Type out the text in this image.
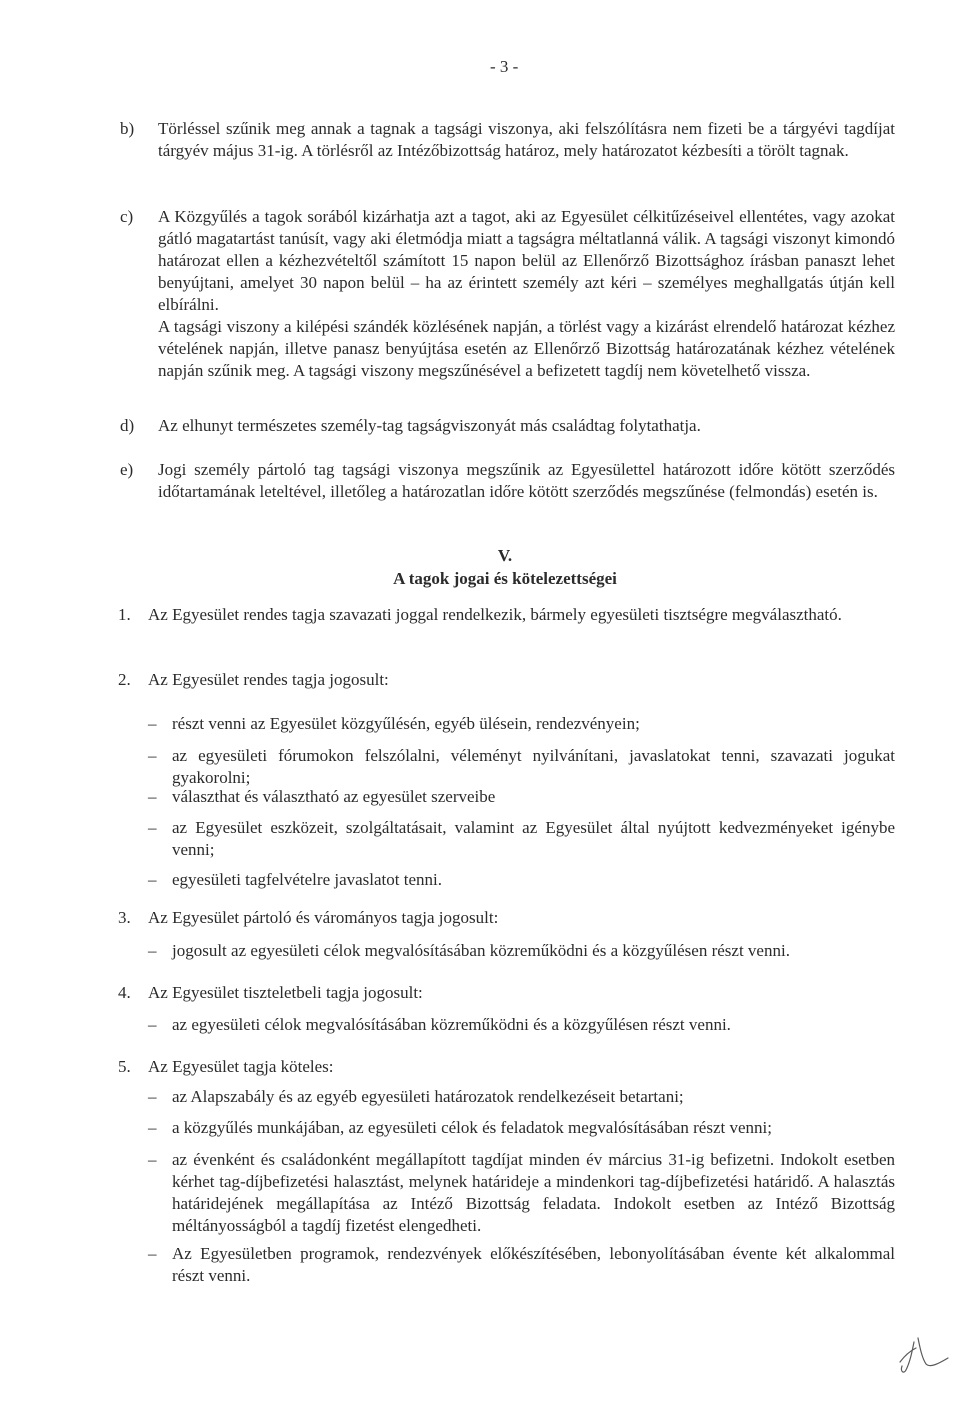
- 3 -
b)	Törléssel szűnik meg annak a tagnak a tagsági viszonya, aki felszólításra nem fizeti be a tárgyévi tagdíjat tárgyév május 31-ig. A törlésről az Intézőbizottság határoz, mely határozatot kézbesíti a törölt tagnak.

c)	A Közgyűlés a tagok sorából kizárhatja azt a tagot, aki az Egyesület célkitűzéseivel ellentétes, vagy azokat gátló magatartást tanúsít, vagy aki életmódja miatt a tagságra méltatlanná válik. A tagsági viszonyt kimondó határozat ellen a kézhezvételtől számított 15 napon belül az Ellenőrző Bizottsághoz írásban panaszt lehet benyújtani, amelyet 30 napon belül – ha az érintett személy azt kéri – személyes meghallgatás útján kell elbírálni.

A tagsági viszony a kilépési szándék közlésének napján, a törlést vagy a kizárást elrendelő határozat kézhez vételének napján, illetve panasz benyújtása esetén az Ellenőrző Bizottság határozatának kézhez vételének napján szűnik meg. A tagsági viszony megszűnésével a befizetett tagdíj nem követelhető vissza.

d)	Az elhunyt természetes személy-tag tagságviszonyát más családtag folytathatja.

e)	Jogi személy pártoló tag tagsági viszonya megszűnik az Egyesülettel határozott időre kötött szerződés időtartamának leteltével, illetőleg a határozatlan időre kötött szerződés megszűnése (felmondás) esetén is.

V.
A tagok jogai és kötelezettségei
1.	Az Egyesület rendes tagja szavazati joggal rendelkezik, bármely egyesületi tisztségre megválasztható.
2.	Az Egyesület rendes tagja jogosult:
– részt venni az Egyesület közgyűlésén, egyéb ülésein, rendezvényein;
– az egyesületi fórumokon felszólalni, véleményt nyilvánítani, javaslatokat tenni, szavazati jogukat gyakorolni;
– választhat és választható az egyesület szerveibe
– az Egyesület eszközeit, szolgáltatásait, valamint az Egyesület által nyújtott kedvezményeket igénybe venni;
– egyesületi tagfelvételre javaslatot tenni.
3.	Az Egyesület pártoló és várományos tagja jogosult:
– jogosult az egyesületi célok megvalósításában közreműködni és a közgyűlésen részt venni.
4.	Az Egyesület tiszteletbeli tagja jogosult:
– az egyesületi célok megvalósításában közreműködni és a közgyűlésen részt venni.
5.	Az Egyesület tagja köteles:
– az Alapszabály és az egyéb egyesületi határozatok rendelkezéseit betartani;
– a közgyűlés munkájában, az egyesületi célok és feladatok megvalósításában részt venni;
– az évenként és családonként megállapított tagdíjat minden év március 31-ig befizetni. Indokolt esetben kérhet tag-díjbefizetési halasztást, melynek határideje a mindenkori tag-díjbefizetési határidő. A halasztás határidejének megállapítása az Intéző Bizottság feladata. Indokolt esetben az Intéző Bizottság méltányosságból a tagdíj fizetést elengedheti.
– Az Egyesületben programok, rendezvények előkészítésében, lebonyolításában évente két alkalommal részt venni.
